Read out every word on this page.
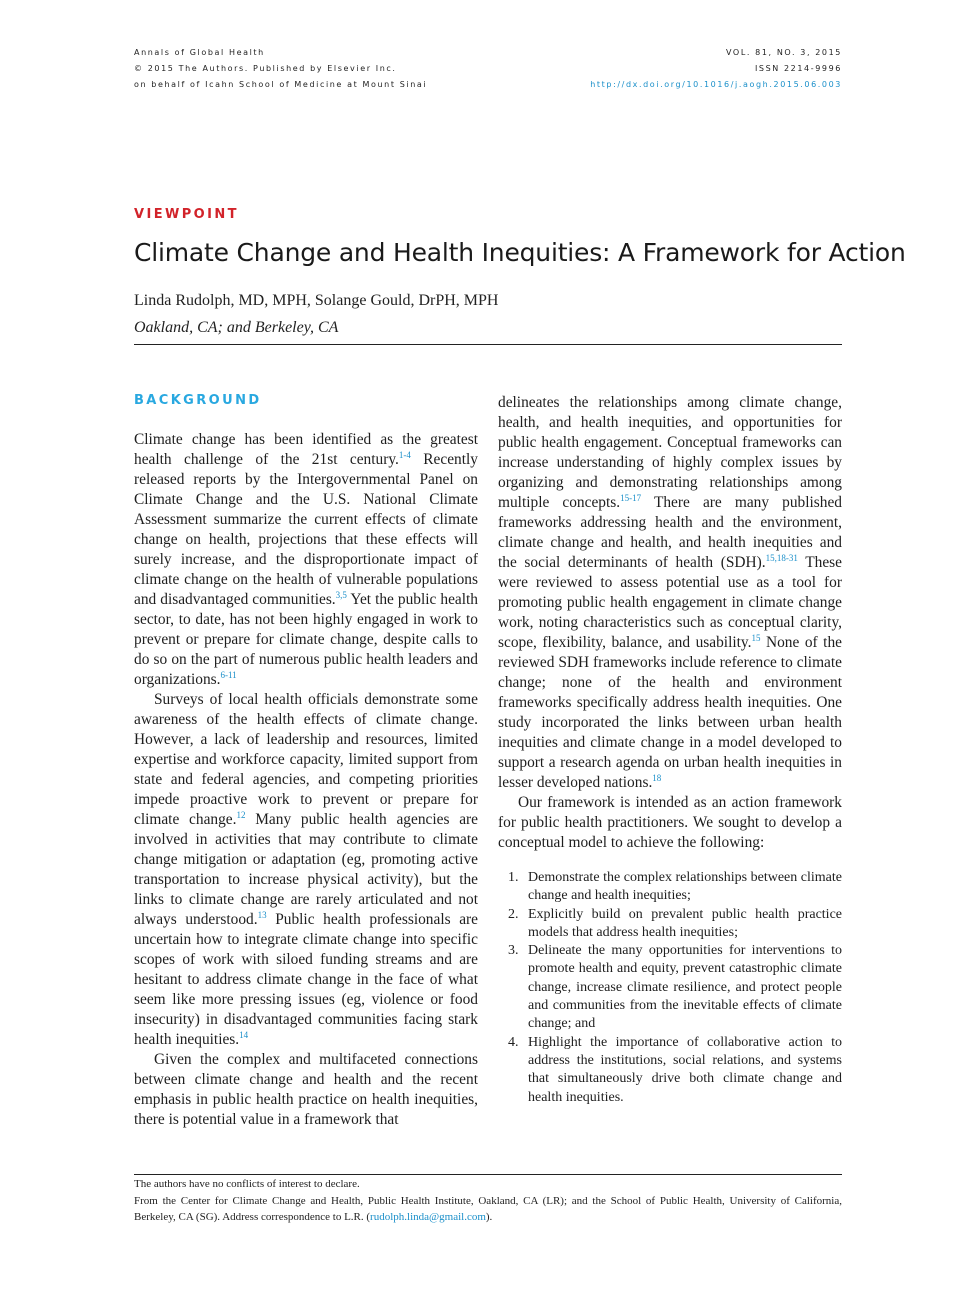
Annals of Global Health
© 2015 The Authors. Published by Elsevier Inc.
on behalf of Icahn School of Medicine at Mount Sinai
VOL. 81, NO. 3, 2015
ISSN 2214-9996
http://dx.doi.org/10.1016/j.aogh.2015.06.003
VIEWPOINT
Climate Change and Health Inequities: A Framework for Action
Linda Rudolph, MD, MPH, Solange Gould, DrPH, MPH
Oakland, CA; and Berkeley, CA
BACKGROUND

Climate change has been identified as the greatest health challenge of the 21st century.$^{1-4}$ Recently released reports by the Intergovernmental Panel on Climate Change and the U.S. National Climate Assessment summarize the current effects of climate change on health, projections that these effects will surely increase, and the disproportionate impact of climate change on the health of vulnerable populations and disadvantaged communities.$^{3,5}$ Yet the public health sector, to date, has not been highly engaged in work to prevent or prepare for climate change, despite calls to do so on the part of numerous public health leaders and organizations.$^{6-11}$

Surveys of local health officials demonstrate some awareness of the health effects of climate change. However, a lack of leadership and resources, limited expertise and workforce capacity, limited support from state and federal agencies, and competing priorities impede proactive work to prevent or prepare for climate change.$^{12}$ Many public health agencies are involved in activities that may contribute to climate change mitigation or adaptation (eg, promoting active transportation to increase physical activity), but the links to climate change are rarely articulated and not always understood.$^{13}$ Public health professionals are uncertain how to integrate climate change into specific scopes of work with siloed funding streams and are hesitant to address climate change in the face of what seem like more pressing issues (eg, violence or food insecurity) in disadvantaged communities facing stark health inequities.$^{14}$

Given the complex and multifaceted connections between climate change and health and the recent emphasis in public health practice on health inequities, there is potential value in a framework that

delineates the relationships among climate change, health, and health inequities, and opportunities for public health engagement. Conceptual frameworks can increase understanding of highly complex issues by organizing and demonstrating relationships among multiple concepts.$^{15-17}$ There are many published frameworks addressing health and the environment, climate change and health, and health inequities and the social determinants of health (SDH).$^{15,18-31}$ These were reviewed to assess potential use as a tool for promoting public health engagement in climate change work, noting characteristics such as conceptual clarity, scope, flexibility, balance, and usability.$^{15}$ None of the reviewed SDH frameworks include reference to climate change; none of the health and environment frameworks specifically address health inequities. One study incorporated the links between urban health inequities and climate change in a model developed to support a research agenda on urban health inequities in lesser developed nations.$^{18}$

Our framework is intended as an action framework for public health practitioners. We sought to develop a conceptual model to achieve the following:

1. Demonstrate the complex relationships between climate change and health inequities;
2. Explicitly build on prevalent public health practice models that address health inequities;
3. Delineate the many opportunities for interventions to promote health and equity, prevent catastrophic climate change, increase climate resilience, and protect people and communities from the inevitable effects of climate change; and
4. Highlight the importance of collaborative action to address the institutions, social relations, and systems that simultaneously drive both climate change and health inequities.
The authors have no conflicts of interest to declare.
From the Center for Climate Change and Health, Public Health Institute, Oakland, CA (LR); and the School of Public Health, University of California, Berkeley, CA (SG). Address correspondence to L.R. (rudolph.linda@gmail.com).
